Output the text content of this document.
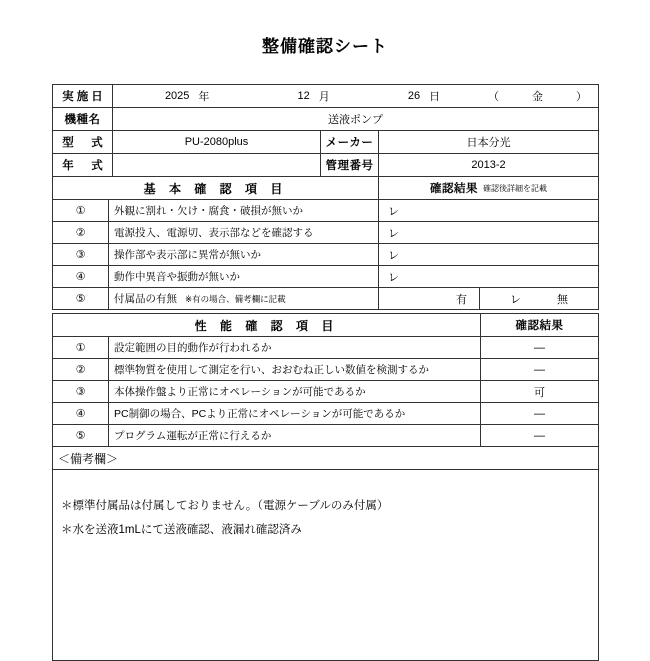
整備確認シート
実施日	2025 年	12 月	26 日	（　金　）

機種名	送液ポンプ		
型　式	PU-2080plus	メーカー	日本分光
年　式		管理番号	2013-2
基 本 確 認 項 目		確認結果 確認後詳細を記載
①	外観に割れ・欠け・腐食・破損が無いか	レ
②	電源投入、電源切、表示部などを確認する	レ
③	操作部や表示部に異常が無いか	レ
④	動作中異音や振動が無いか	レ
⑤	付属品の有無 ※有の場合、備考欄に記載	有 レ 無
性 能 確 認 項 目		確認結果
①	設定範囲の目的動作が行われるか	―
②	標準物質を使用して測定を行い、おおむね正しい数値を検測するか	―
③	本体操作盤より正常にオペレーションが可能であるか	可
④	PC制御の場合、PCより正常にオペレーションが可能であるか	―
⑤	プログラム運転が正常に行えるか	―
＜備考欄＞		

＊標準付属品は付属しておりません。（電源ケーブルのみ付属）
＊水を送液1mLにて送液確認、液漏れ確認済み		
